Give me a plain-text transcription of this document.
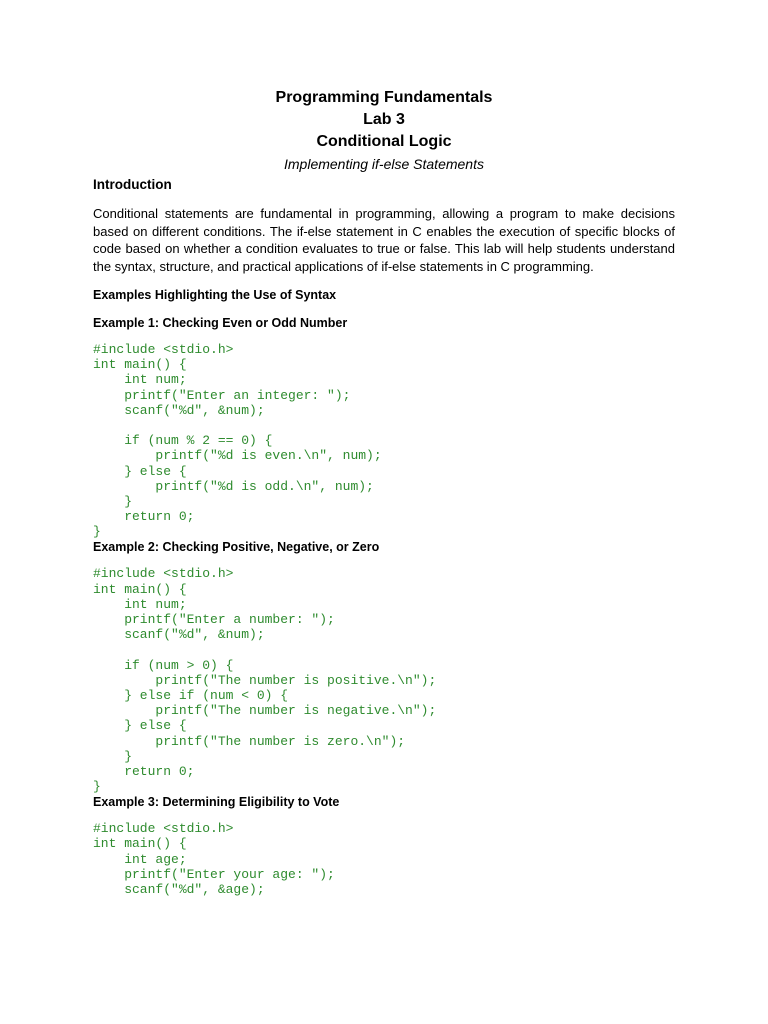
Programming Fundamentals
Lab 3
Conditional Logic
Implementing if-else Statements
Introduction
Conditional statements are fundamental in programming, allowing a program to make decisions based on different conditions. The if-else statement in C enables the execution of specific blocks of code based on whether a condition evaluates to true or false. This lab will help students understand the syntax, structure, and practical applications of if-else statements in C programming.
Examples Highlighting the Use of Syntax
Example 1: Checking Even or Odd Number
#include <stdio.h>
int main() {
int num;
printf("Enter an integer: ");
scanf("%d", &num);
if (num % 2 == 0) {
printf("%d is even.\n", num);
} else {
printf("%d is odd.\n", num);
}
return 0;
}
Example 2: Checking Positive, Negative, or Zero
#include <stdio.h>
int main() {
int num;
printf("Enter a number: ");
scanf("%d", &num);
if (num > 0) {
printf("The number is positive.\n");
} else if (num < 0) {
printf("The number is negative.\n");
} else {
printf("The number is zero.\n");
}
return 0;
}
Example 3: Determining Eligibility to Vote
#include <stdio.h>
int main() {
int age;
printf("Enter your age: ");
scanf("%d", &age);
